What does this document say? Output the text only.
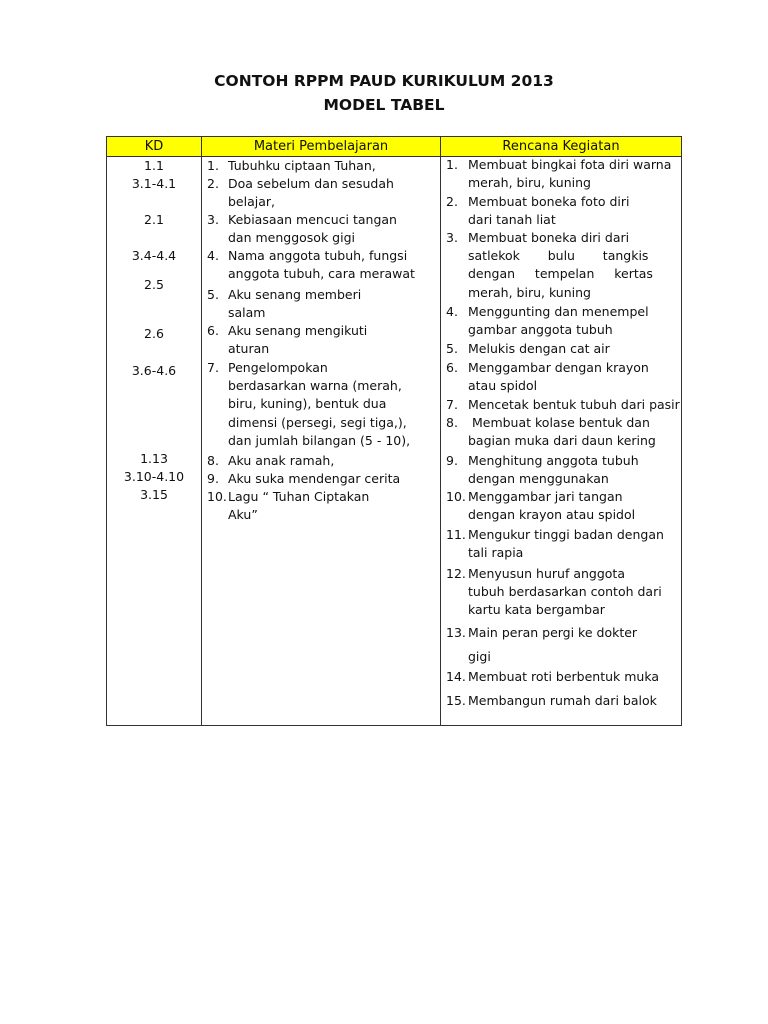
CONTOH RPPM PAUD KURIKULUM 2013
MODEL TABEL
KD	Materi Pembelajaran	Rencana Kegiatan
1.1
3.1-4.1
2.1
3.4-4.4
2.5
2.6
3.6-4.6
1.13
3.10-4.10
3.15
1. Tubuhku ciptaan Tuhan,
2. Doa sebelum dan sesudah
belajar,
3. Kebiasaan mencuci tangan
dan menggosok gigi
4. Nama anggota tubuh, fungsi
anggota tubuh, cara merawat
5. Aku senang memberi
salam
6. Aku senang mengikuti
aturan
7. Pengelompokan
berdasarkan warna (merah,
biru, kuning), bentuk dua
dimensi (persegi, segi tiga,),
dan jumlah bilangan (5 - 10),
8. Aku anak ramah,
9. Aku suka mendengar cerita
10. Lagu “ Tuhan Ciptakan
Aku”
1. Membuat bingkai fota diri warna
merah, biru, kuning
2. Membuat boneka foto diri
dari tanah liat
3. Membuat boneka diri dari
satlekok       bulu       tangkis
dengan     tempelan     kertas
merah, biru, kuning
4. Menggunting dan menempel
gambar anggota tubuh
5. Melukis dengan cat air
6. Menggambar dengan krayon
atau spidol
7. Mencetak bentuk tubuh dari pasir
8. Membuat kolase bentuk dan
bagian muka dari daun kering
9. Menghitung anggota tubuh
dengan menggunakan
10. Menggambar jari tangan
dengan krayon atau spidol
11. Mengukur tinggi badan dengan
tali rapia
12. Menyusun huruf anggota
tubuh berdasarkan contoh dari
kartu kata bergambar
13. Main peran pergi ke dokter
gigi
14. Membuat roti berbentuk muka
15. Membangun rumah dari balok
